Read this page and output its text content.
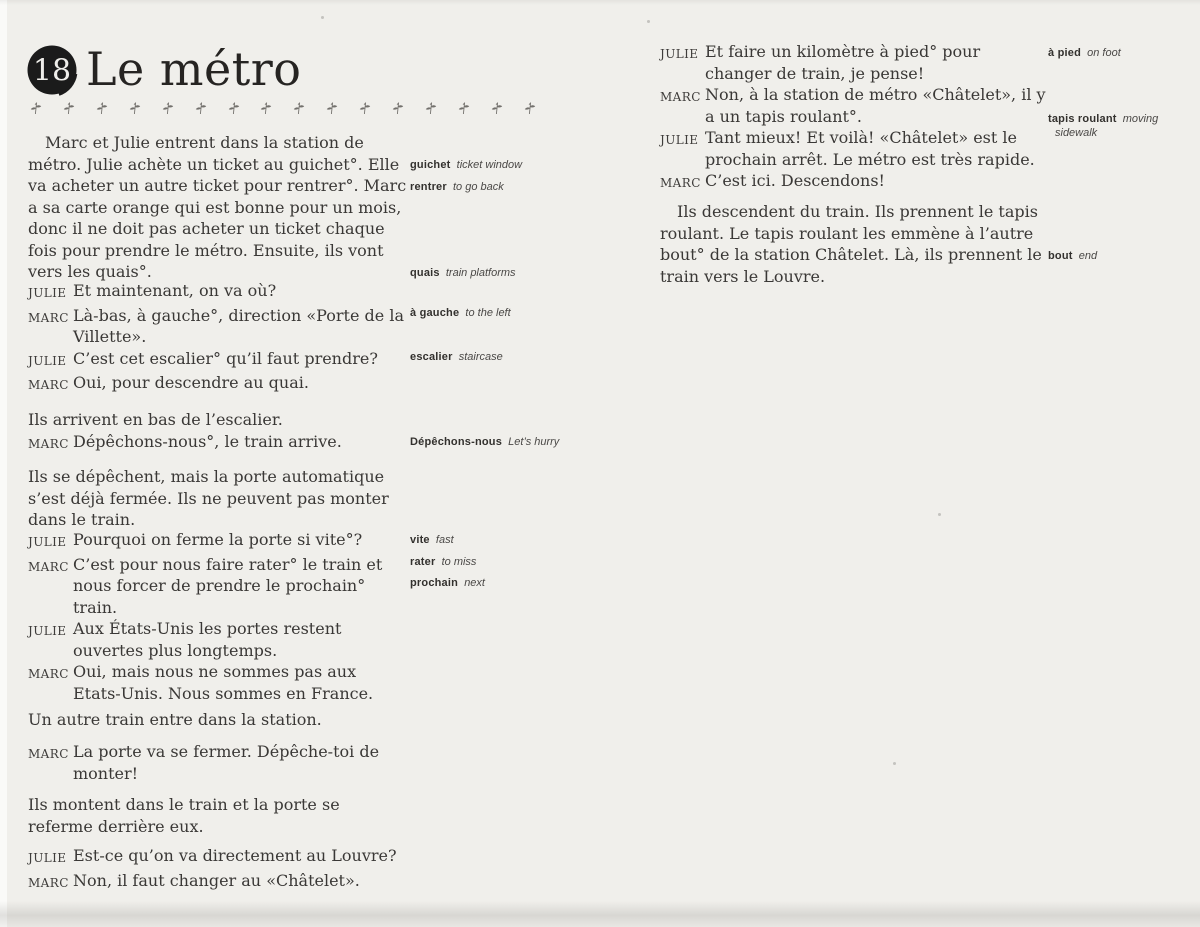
18 Le métro

Marc et Julie entrent dans la station de métro. Julie achète un ticket au guichet°. Elle va acheter un autre ticket pour rentrer°. Marc a sa carte orange qui est bonne pour un mois, donc il ne doit pas acheter un ticket chaque fois pour prendre le métro. Ensuite, ils vont vers les quais°.

JULIE Et maintenant, on va où?
MARC Là-bas, à gauche°, direction «Porte de la Villette».
JULIE C’est cet escalier° qu’il faut prendre?
MARC Oui, pour descendre au quai.

Ils arrivent en bas de l’escalier.

MARC Dépêchons-nous°, le train arrive.

Ils se dépêchent, mais la porte automatique s’est déjà fermée. Ils ne peuvent pas monter dans le train.

JULIE Pourquoi on ferme la porte si vite°?
MARC C’est pour nous faire rater° le train et nous forcer de prendre le prochain° train.
JULIE Aux États-Unis les portes restent ouvertes plus longtemps.
MARC Oui, mais nous ne sommes pas aux Etats-Unis. Nous sommes en France.

Un autre train entre dans la station.

MARC La porte va se fermer. Dépêche-toi de monter!

Ils montent dans le train et la porte se referme derrière eux.

JULIE Est-ce qu’on va directement au Louvre?
MARC Non, il faut changer au «Châtelet».
JULIE Et faire un kilomètre à pied° pour changer de train, je pense!
MARC Non, à la station de métro «Châtelet», il y a un tapis roulant°.
JULIE Tant mieux! Et voilà! «Châtelet» est le prochain arrêt. Le métro est très rapide.
MARC C’est ici. Descendons!

Ils descendent du train. Ils prennent le tapis roulant. Le tapis roulant les emmène à l’autre bout° de la station Châtelet. Là, ils prennent le train vers le Louvre.

guichet ticket window
rentrer to go back
quais train platforms
à gauche to the left
escalier staircase
Dépêchons-nous Let’s hurry
vite fast
rater to miss
prochain next
à pied on foot
tapis roulant moving sidewalk
bout end
